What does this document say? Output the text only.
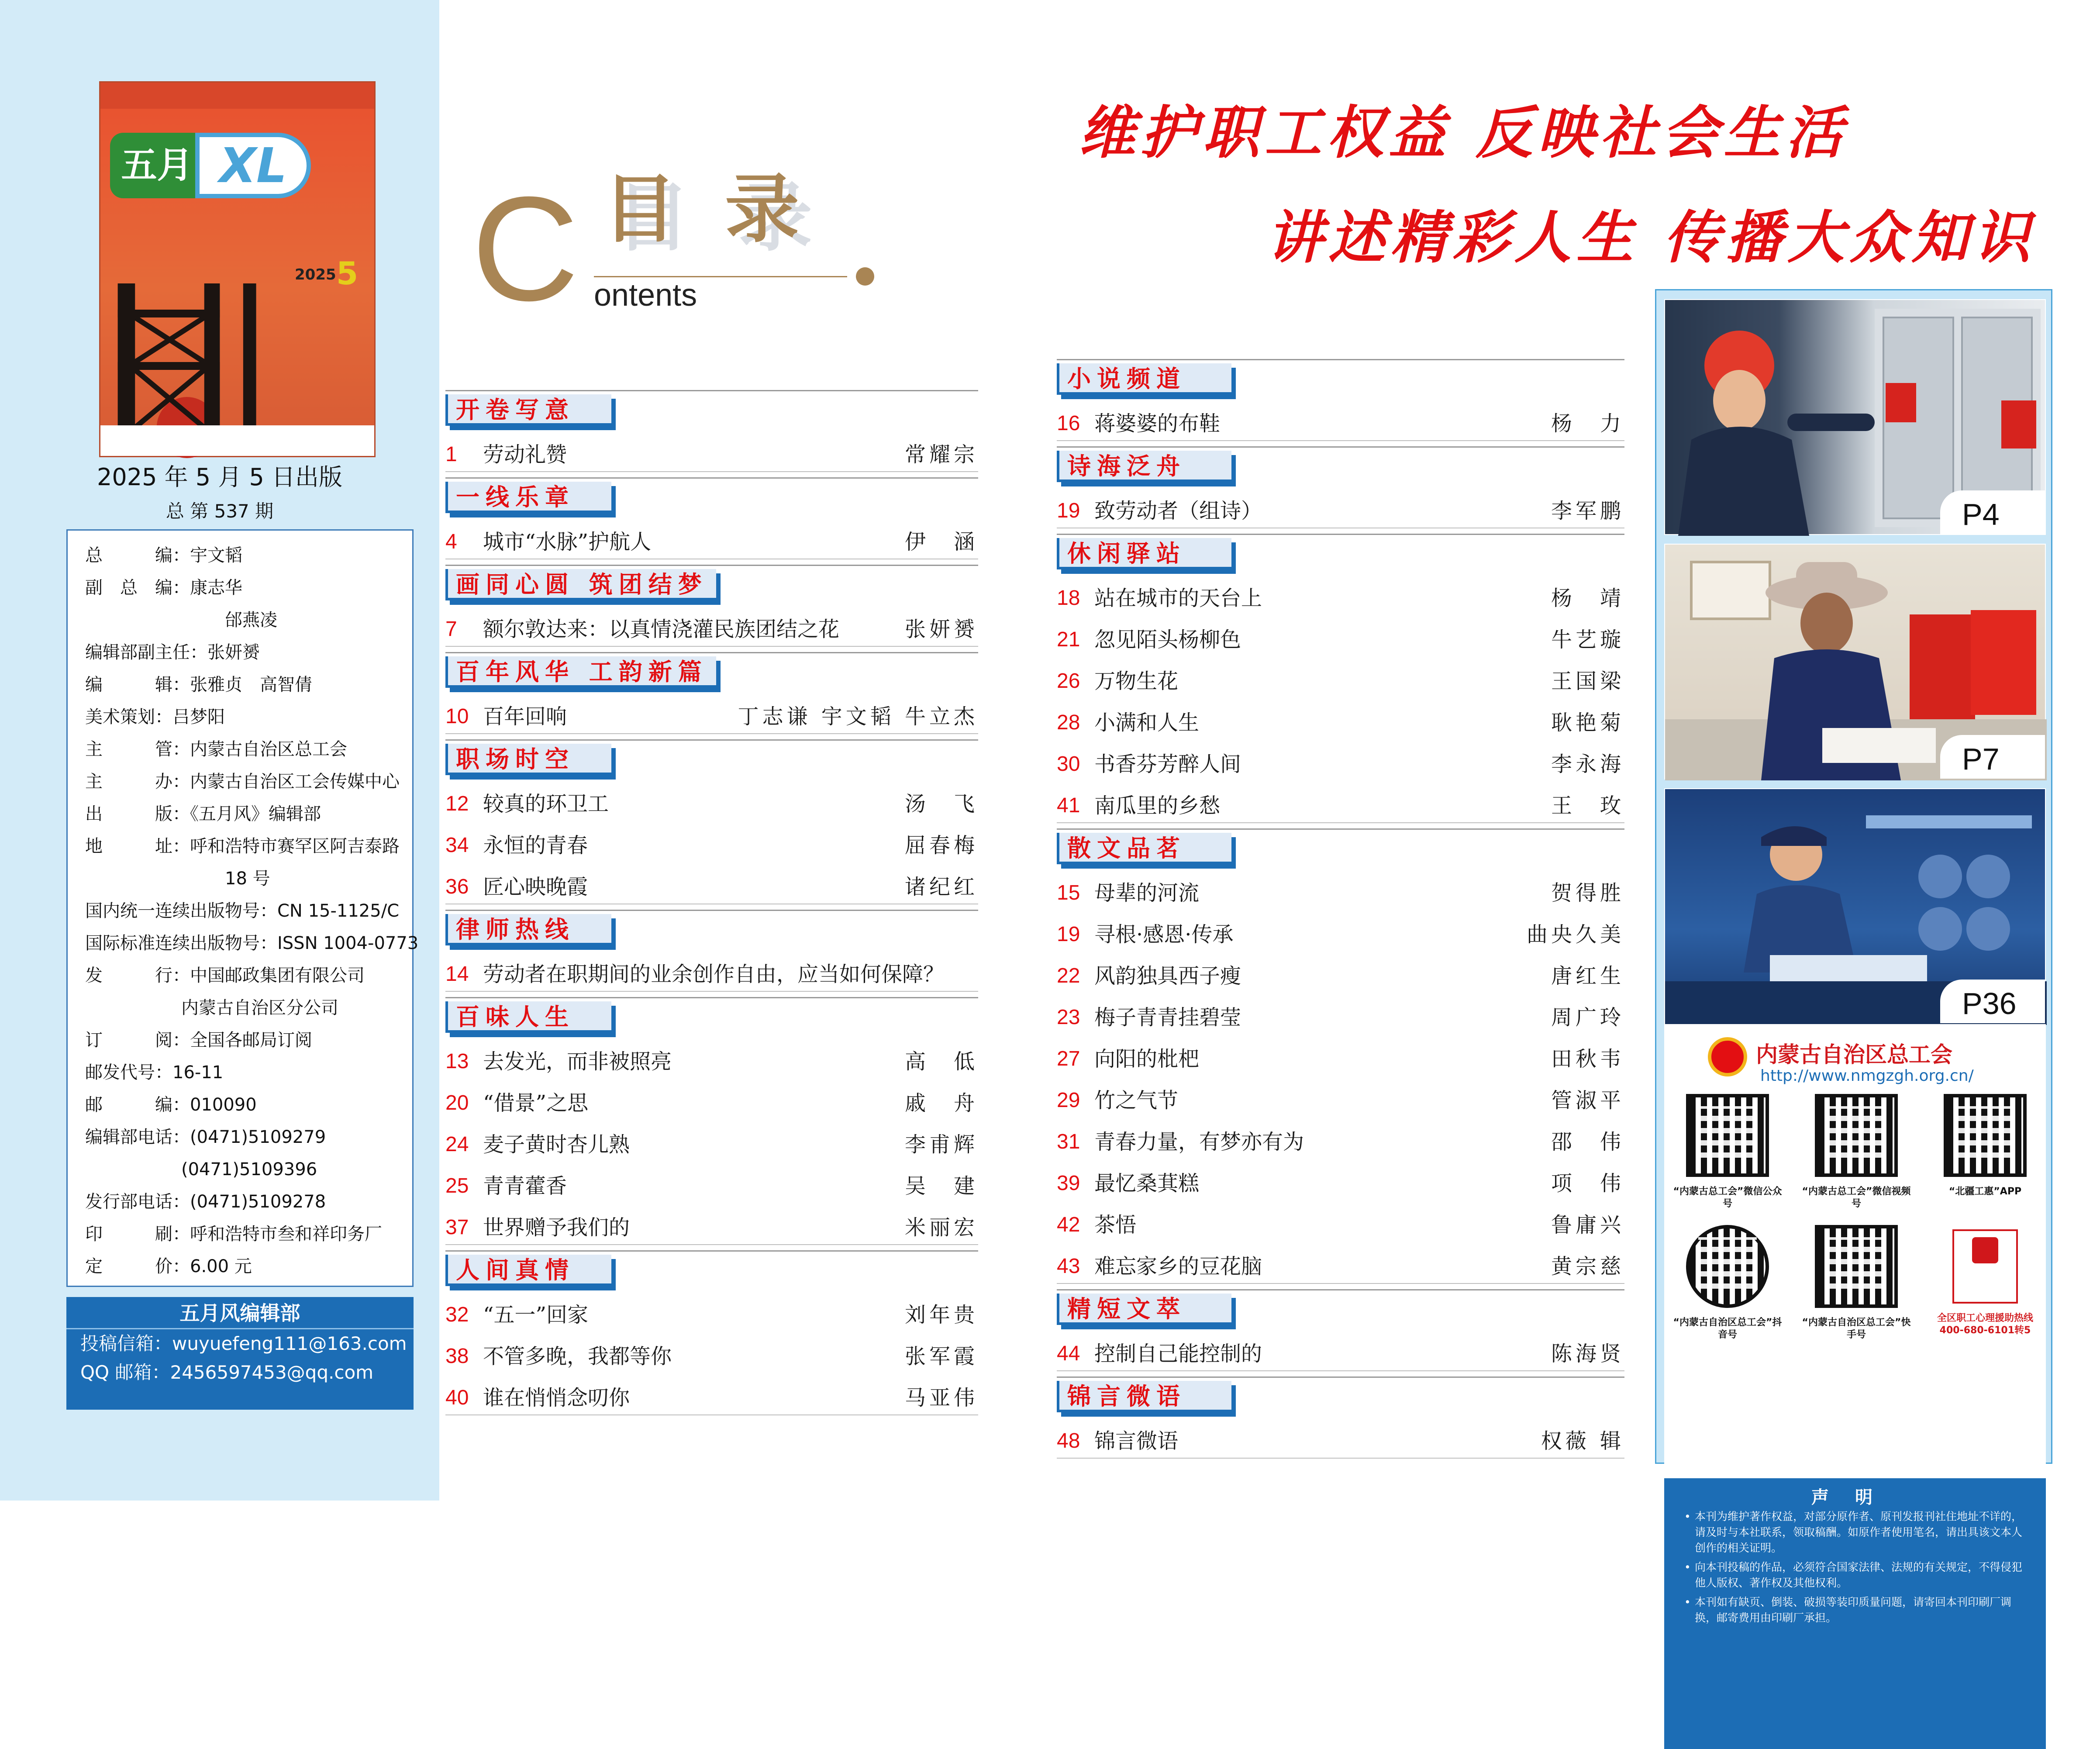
五月 XL
2025 5
2025 年 5 月 5 日出版
总 第 537 期
总　　　编：宇文韬
副　总　编：康志华
邰燕凌
编辑部副主任：张妍赟
编　　　辑：张雅贞　高智倩
美术策划：吕梦阳
主　　　管：内蒙古自治区总工会
主　　　办：内蒙古自治区工会传媒中心
出　　　版：《五月风》编辑部
地　　　址：呼和浩特市赛罕区阿吉泰路
18 号
国内统一连续出版物号：CN 15-1125/C
国际标准连续出版物号：ISSN 1004-0773
发　　　行：中国邮政集团有限公司
内蒙古自治区分公司
订　　　阅：全国各邮局订阅
邮发代号：16-11
邮　　　编：010090
编辑部电话：(0471)5109279
(0471)5109396
发行部电话：(0471)5109278
印　　　刷：呼和浩特市叁和祥印务厂
定　　　价：6.00 元
五月风编辑部
投稿信箱：wuyuefeng111@163.com
QQ 邮箱：2456597453@qq.com
维护职工权益 反映社会生活
讲述精彩人生 传播大众知识
C 目录
ontents
开卷写意
1 劳动礼赞	常耀宗
一线乐章
4 城市“水脉”护航人	伊　涵
画同心圆 筑团结梦
7 额尔敦达来：以真情浇灌民族团结之花	张妍赟
百年风华 工韵新篇
10 百年回响	丁志谦 宇文韬 牛立杰
职场时空
12 较真的环卫工	汤　飞
34 永恒的青春	屈春梅
36 匠心映晚霞	诸纪红
律师热线
14 劳动者在职期间的业余创作自由，应当如何保障？
百味人生
13 去发光，而非被照亮	高　低
20 “借景”之思	戚　舟
24 麦子黄时杏儿熟	李甫辉
25 青青藿香	吴　建
37 世界赠予我们的	米丽宏
人间真情
32 “五一”回家	刘年贵
38 不管多晚，我都等你	张军霞
40 谁在悄悄念叨你	马亚伟
小说频道
16 蒋婆婆的布鞋	杨　力
诗海泛舟
19 致劳动者（组诗）	李军鹏
休闲驿站
18 站在城市的天台上	杨　靖
21 忽见陌头杨柳色	牛艺璇
26 万物生花	王国梁
28 小满和人生	耿艳菊
30 书香芬芳醉人间	李永海
41 南瓜里的乡愁	王　玫
散文品茗
15 母辈的河流	贺得胜
19 寻根·感恩·传承	曲央久美
22 风韵独具西子瘦	唐红生
23 梅子青青挂碧莹	周广玲
27 向阳的枇杷	田秋韦
29 竹之气节	管淑平
31 青春力量，有梦亦有为	邵　伟
39 最忆桑萁糕	项　伟
42 茶悟	鲁庸兴
43 难忘家乡的豆花脑	黄宗慈
精短文萃
44 控制自己能控制的	陈海贤
锦言微语
48 锦言微语	权薇 辑
P4
P7
P36
内蒙古自治区总工会
http://www.nmgzgh.org.cn/
“内蒙古总工会”微信公众号
“内蒙古总工会”微信视频号
“北疆工惠”APP
“内蒙古自治区总工会”抖音号
“内蒙古自治区总工会”快手号
全区职工心理援助热线 400-680-6101转5
声明
• 本刊为维护著作权益，对部分原作者、原刊发报刊社住地址不详的，请及时与本社联系，领取稿酬。如原作者使用笔名，请出具该文本人创作的相关证明。
• 向本刊投稿的作品，必须符合国家法律、法规的有关规定，不得侵犯他人版权、著作权及其他权利。
• 本刊如有缺页、倒装、破损等装印质量问题，请寄回本刊印刷厂调换，邮寄费用由印刷厂承担。
